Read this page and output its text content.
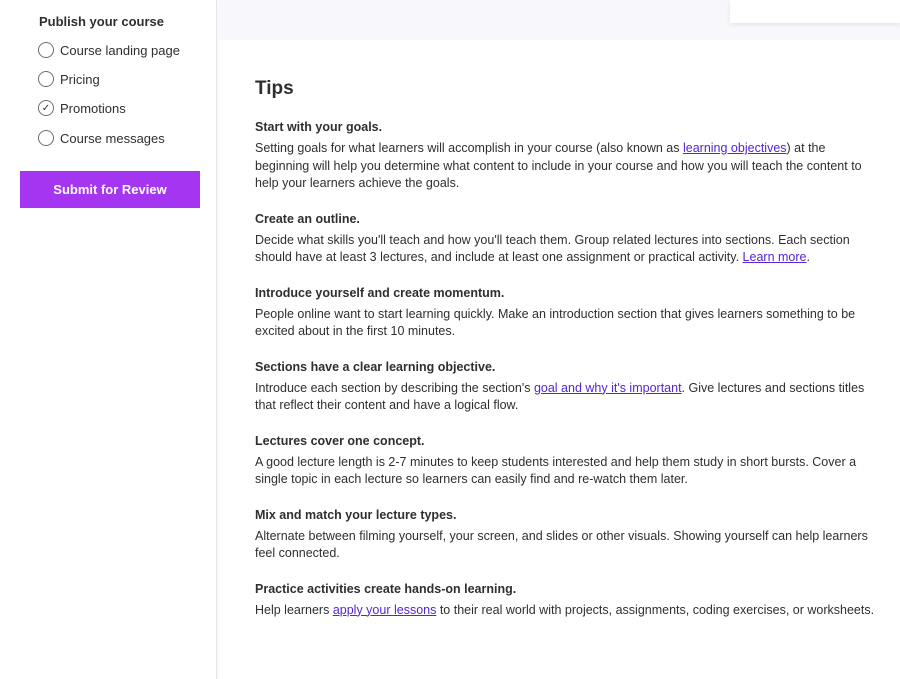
Publish your course
Course landing page
Pricing
✓ Promotions
Course messages
Submit for Review
Tips
Start with your goals.

Setting goals for what learners will accomplish in your course (also known as learning objectives) at the beginning will help you determine what content to include in your course and how you will teach the content to help your learners achieve the goals.

Create an outline.

Decide what skills you'll teach and how you'll teach them. Group related lectures into sections. Each section should have at least 3 lectures, and include at least one assignment or practical activity. Learn more.

Introduce yourself and create momentum.

People online want to start learning quickly. Make an introduction section that gives learners something to be excited about in the first 10 minutes.

Sections have a clear learning objective.

Introduce each section by describing the section's goal and why it's important. Give lectures and sections titles that reflect their content and have a logical flow.

Lectures cover one concept.

A good lecture length is 2-7 minutes to keep students interested and help them study in short bursts. Cover a single topic in each lecture so learners can easily find and re-watch them later.

Mix and match your lecture types.

Alternate between filming yourself, your screen, and slides or other visuals. Showing yourself can help learners feel connected.

Practice activities create hands-on learning.

Help learners apply your lessons to their real world with projects, assignments, coding exercises, or worksheets.
